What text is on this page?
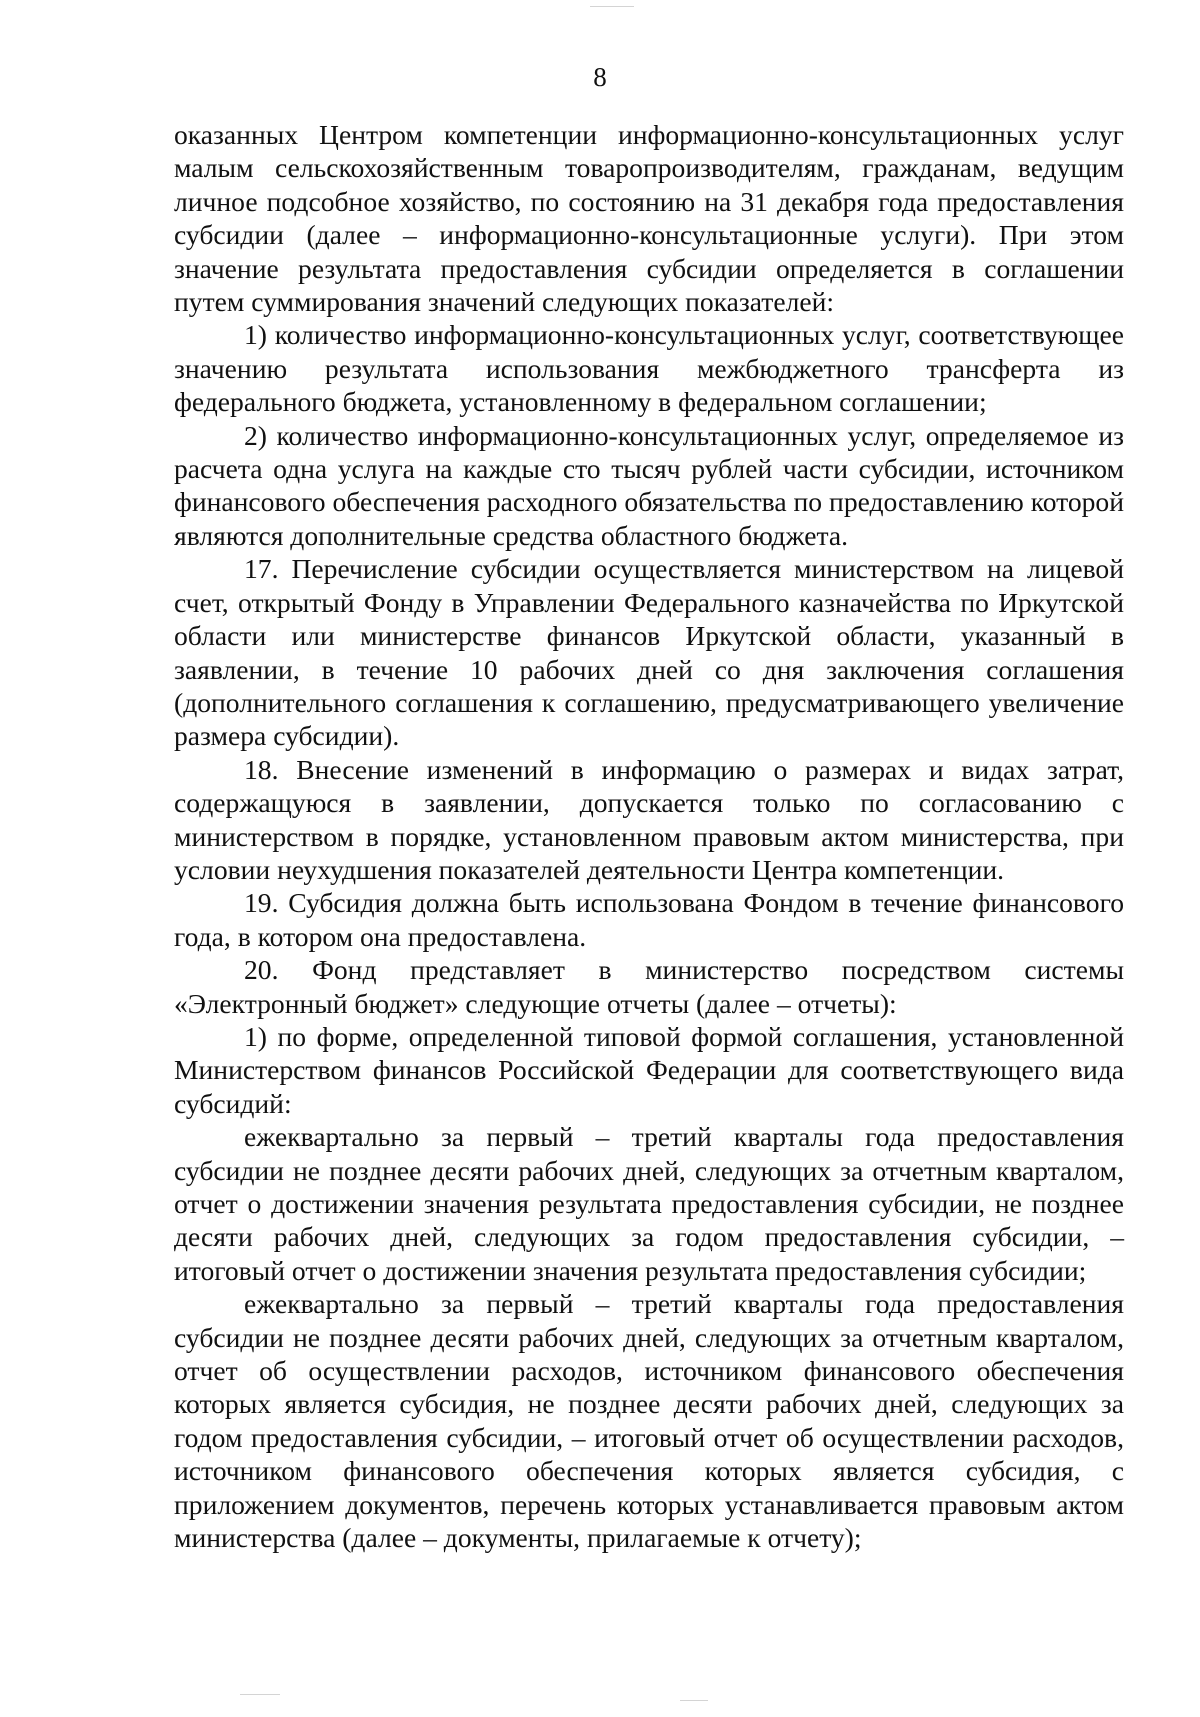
8

оказанных Центром компетенции информационно-консультационных услуг малым сельскохозяйственным товаропроизводителям, гражданам, ведущим личное подсобное хозяйство, по состоянию на 31 декабря года предоставления субсидии (далее – информационно-консультационные услуги). При этом значение результата предоставления субсидии определяется в соглашении путем суммирования значений следующих показателей:

1) количество информационно-консультационных услуг, соответствующее значению результата использования межбюджетного трансферта из федерального бюджета, установленному в федеральном соглашении;

2) количество информационно-консультационных услуг, определяемое из расчета одна услуга на каждые сто тысяч рублей части субсидии, источником финансового обеспечения расходного обязательства по предоставлению которой являются дополнительные средства областного бюджета.

17. Перечисление субсидии осуществляется министерством на лицевой счет, открытый Фонду в Управлении Федерального казначейства по Иркутской области или министерстве финансов Иркутской области, указанный в заявлении, в течение 10 рабочих дней со дня заключения соглашения (дополнительного соглашения к соглашению, предусматривающего увеличение размера субсидии).

18. Внесение изменений в информацию о размерах и видах затрат, содержащуюся в заявлении, допускается только по согласованию с министерством в порядке, установленном правовым актом министерства, при условии неухудшения показателей деятельности Центра компетенции.

19. Субсидия должна быть использована Фондом в течение финансового года, в котором она предоставлена.

20. Фонд представляет в министерство посредством системы «Электронный бюджет» следующие отчеты (далее – отчеты):

1) по форме, определенной типовой формой соглашения, установленной Министерством финансов Российской Федерации для соответствующего вида субсидий:

ежеквартально за первый – третий кварталы года предоставления субсидии не позднее десяти рабочих дней, следующих за отчетным кварталом, отчет о достижении значения результата предоставления субсидии, не позднее десяти рабочих дней, следующих за годом предоставления субсидии, – итоговый отчет о достижении значения результата предоставления субсидии;

ежеквартально за первый – третий кварталы года предоставления субсидии не позднее десяти рабочих дней, следующих за отчетным кварталом, отчет об осуществлении расходов, источником финансового обеспечения которых является субсидия, не позднее десяти рабочих дней, следующих за годом предоставления субсидии, – итоговый отчет об осуществлении расходов, источником финансового обеспечения которых является субсидия, с приложением документов, перечень которых устанавливается правовым актом министерства (далее – документы, прилагаемые к отчету);
